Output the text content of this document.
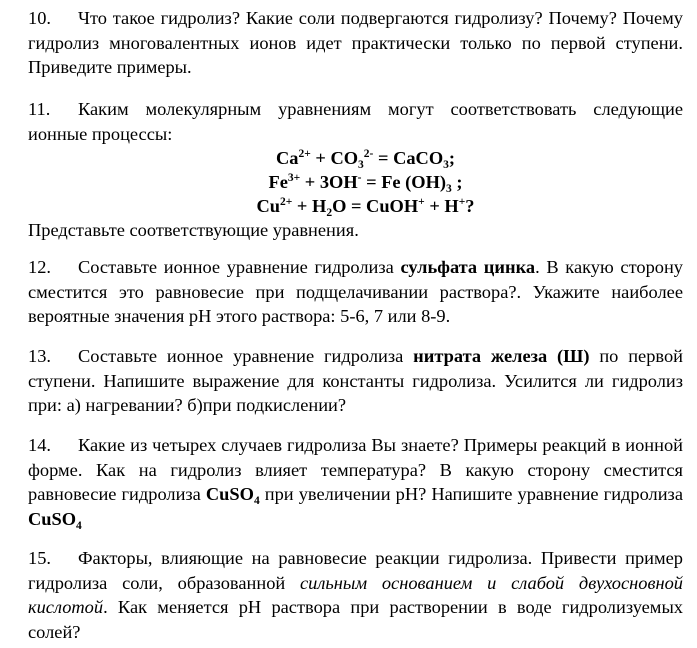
10. Что такое гидролиз? Какие соли подвергаются гидролизу? Почему? Почему гидролиз многовалентных ионов идет практически только по первой ступени. Приведите примеры.

11. Каким молекулярным уравнениям могут соответствовать следующие ионные процессы:

$Ca^{2+} + CO_3^{2-}$ = CaCO$_3$;

$Fe^{3+} + 3OH^- = Fe$ $(OH)_3$ ;

$Cu^{2+} + H_2O$ = CuOH+ + H+?

Представьте соответствующие уравнения.

12. Составьте ионное уравнение гидролиза сульфата цинка. В какую сторону сместится это равновесие при подщелачивании раствора?. Укажите наиболее вероятные значения рН этого раствора: 5-6, 7 или 8-9.

13. Составьте ионное уравнение гидролиза нитрата железа (Ш) по первой ступени. Напишите выражение для константы гидролиза. Усилится ли гидролиз при: а) нагревании? б)при подкислении?

14. Какие из четырех случаев гидролиза Вы знаете? Примеры реакций в ионной форме. Как на гидролиз влияет температура? В какую сторону сместится равновесие гидролиза CuSO$_4$ при увеличении рН? Напишите уравнение гидролиза CuSO$_4$

15. Факторы, влияющие на равновесие реакции гидролиза. Привести пример гидролиза соли, образованной сильным основанием и слабой двухосновной кислотой. Как меняется рН раствора при растворении в воде гидролизуемых солей?
